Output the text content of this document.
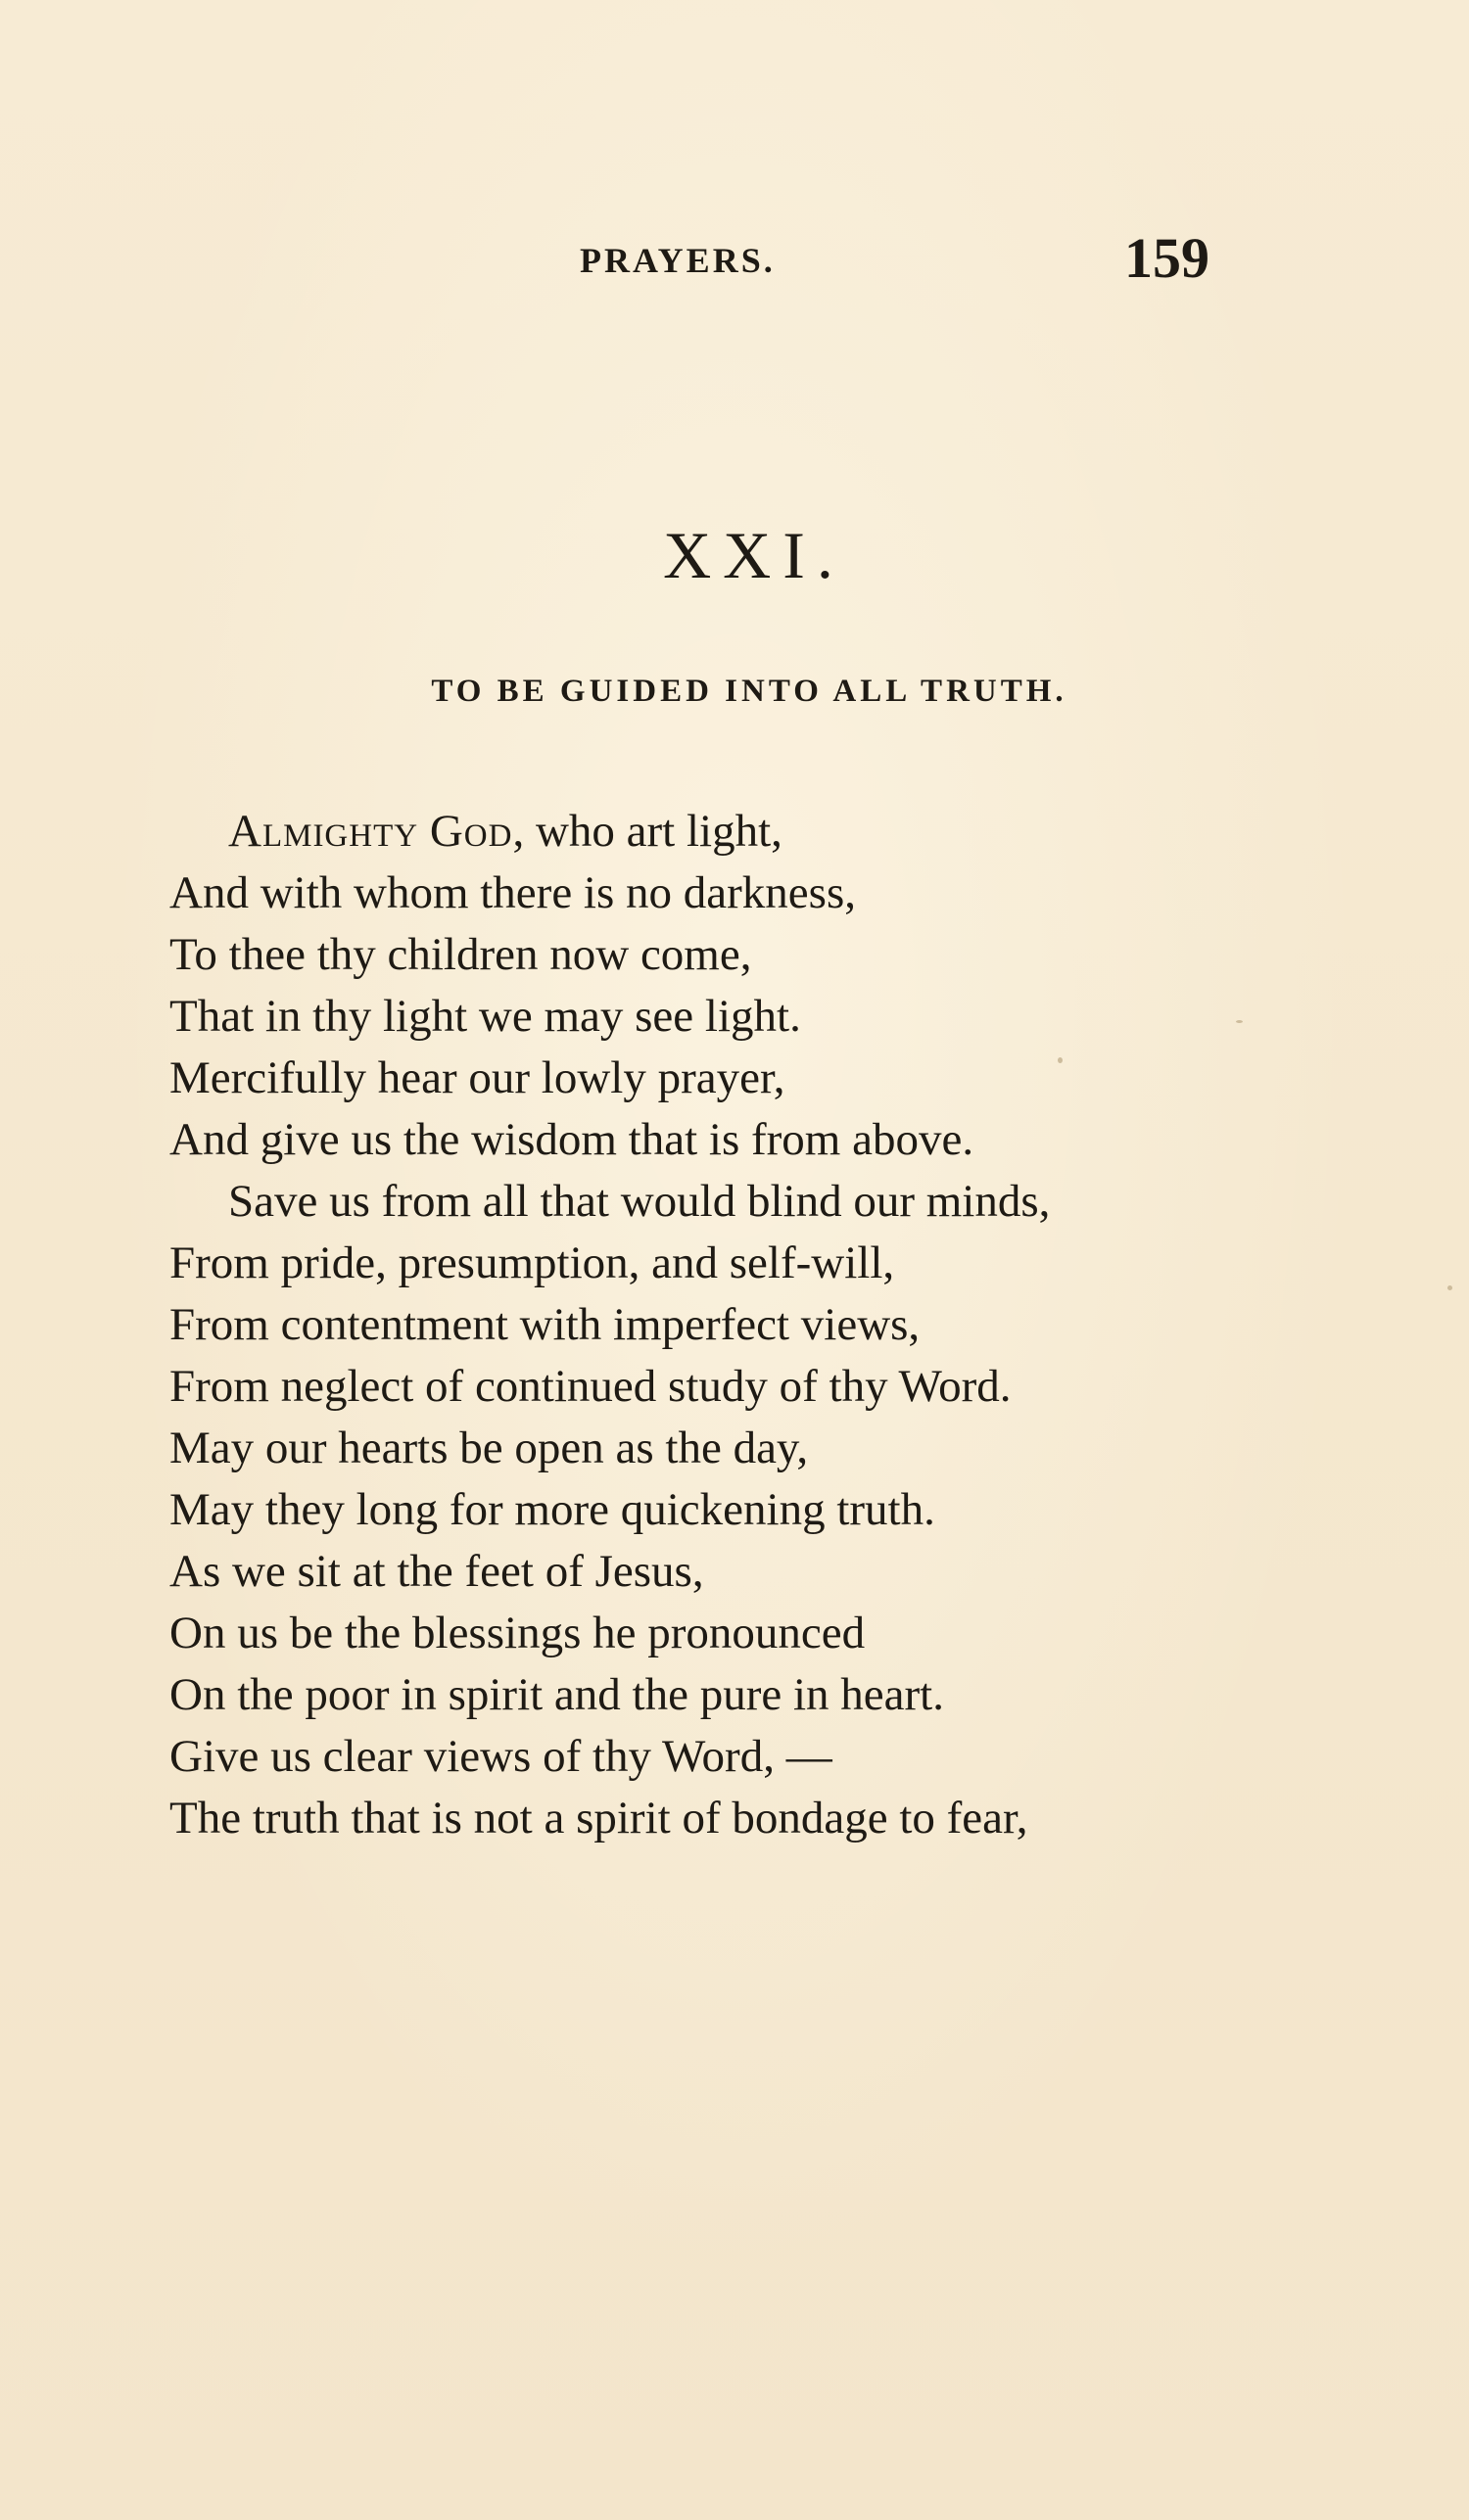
PRAYERS.	159
XXI.
TO BE GUIDED INTO ALL TRUTH.
Almighty God, who art light,
And with whom there is no darkness,
To thee thy children now come,
That in thy light we may see light.
Mercifully hear our lowly prayer,
And give us the wisdom that is from above.
Save us from all that would blind our minds,
From pride, presumption, and self-will,
From contentment with imperfect views,
From neglect of continued study of thy Word.
May our hearts be open as the day,
May they long for more quickening truth.
As we sit at the feet of Jesus,
On us be the blessings he pronounced
On the poor in spirit and the pure in heart.
Give us clear views of thy Word, —
The truth that is not a spirit of bondage to fear,
